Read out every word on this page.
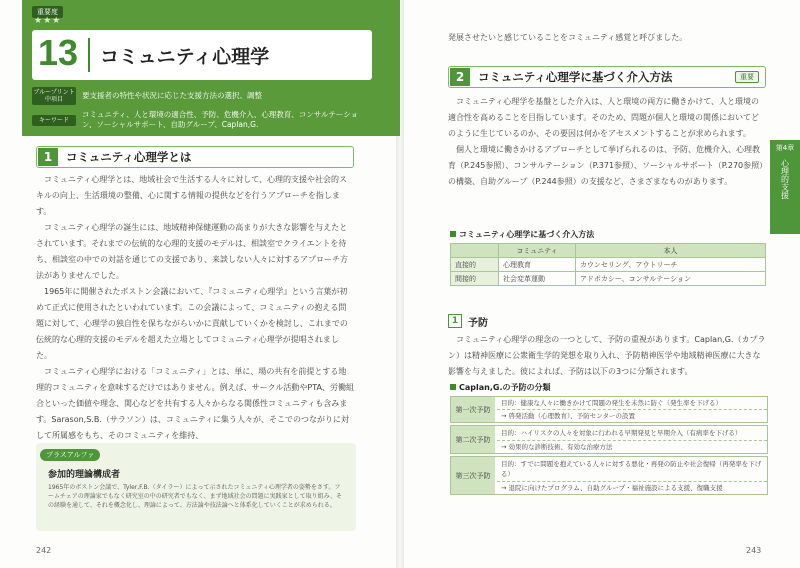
重要度
★★★
13 コミュニティ心理学
ブループリント中項目	要支援者の特性や状況に応じた支援方法の選択、調整
キーワード
コミュニティ、人と環境の適合性、予防、危機介入、心理教育、コンサルテーション、ソーシャルサポート、自助グループ、Caplan,G.
1	コミュニティ心理学とは

コミュニティ心理学とは、地域社会で生活する人々に対して、心理的支援や社会的スキルの向上、生活環境の整備、心に関する情報の提供などを行うアプローチを指します。

コミュニティ心理学の誕生には、地域精神保健運動の高まりが大きな影響を与えたとされています。それまでの伝統的な心理的支援のモデルは、相談室でクライエントを待ち、相談室の中での対話を通じての支援であり、来談しない人々に対するアプローチ方法がありませんでした。

1965年に開催されたボストン会議において、『コミュニティ心理学』という言葉が初めて正式に使用されたといわれています。この会議によって、コミュニティの抱える問題に対して、心理学の独自性を保ちながらいかに貢献していくかを検討し、これまでの伝統的な心理的支援のモデルを超えた立場としてコミュニティ心理学が提唱されました。

コミュニティ心理学における「コミュニティ」とは、単に、場の共有を前提とする地理的コミュニティを意味するだけではありません。例えば、サークル活動やPTA、労働組合といった価値や理念、関心などを共有する人々からなる関係性コミュニティも含みます。Sarason,S.B.（サラソン）は、コミュニティに集う人々が、そこでのつながりに対して所属感をもち、そのコミュニティを維持、

プラスアルファ
参加的理論構成者
1965年のボストン会議で、Tyler,F.B.（タイラー）によって示されたコミュニティ心理学者の姿勢をさす。フームチェアの理論家でもなく研究室の中の研究者でもなく、まず地域社会の問題に実践家として取り組み、その経験を通して、それを概念化し、理論によって、方法論や技法論へと体系化していくことが求められる。
242
発展させたいと感じていることをコミュニティ感覚と呼びました。
2	コミュニティ心理学に基づく介入方法	重要

コミュニティ心理学を基盤とした介入は、人と環境の両方に働きかけて、人と環境の適合性を高めることを目指しています。そのため、問題が個人と環境の関係においてどのように生じているのか、その要因は何かをアセスメントすることが求められます。

個人と環境に働きかけるアプローチとして挙げられるのは、予防、危機介入、心理教育（P.245参照）、コンサルテーション（P.371参照）、ソーシャルサポート（P.270参照）の構築、自助グループ（P.244参照）の支援など、さまざまなものがあります。

コミュニティ心理学に基づく介入方法
	コミュニティ	本人
直接的	心理教育	カウンセリング、アウトリーチ
間接的	社会変革運動	アドボカシー、コンサルテーション
1 予防

コミュニティ心理学の理念の一つとして、予防の重視があります。Caplan,G.（カプラン）は精神医療に公衆衛生学的発想を取り入れ、予防精神医学や地域精神医療に大きな影響を与えました。彼によれば、予防は以下の3つに分類されます。

Caplan,G.の予防の分類
第一次予防
目的：健康な人々に働きかけて問題の発生を未然に防ぐ（発生率を下げる）
→ 啓発活動（心理教育）、予防センターの設置
第二次予防
目的：ハイリスクの人々を対象に行われる早期発見と早期介入（有病率を下げる）
→ 効果的な診断技術、有効な治療方法
第三次予防
目的：すでに問題を抱えている人々に対する悪化・再発の防止や社会復帰（再発率を下げる）
→ 退院に向けたプログラム、自助グループ・福祉施設による支援、復職支援
第4章
心理的支援
243
